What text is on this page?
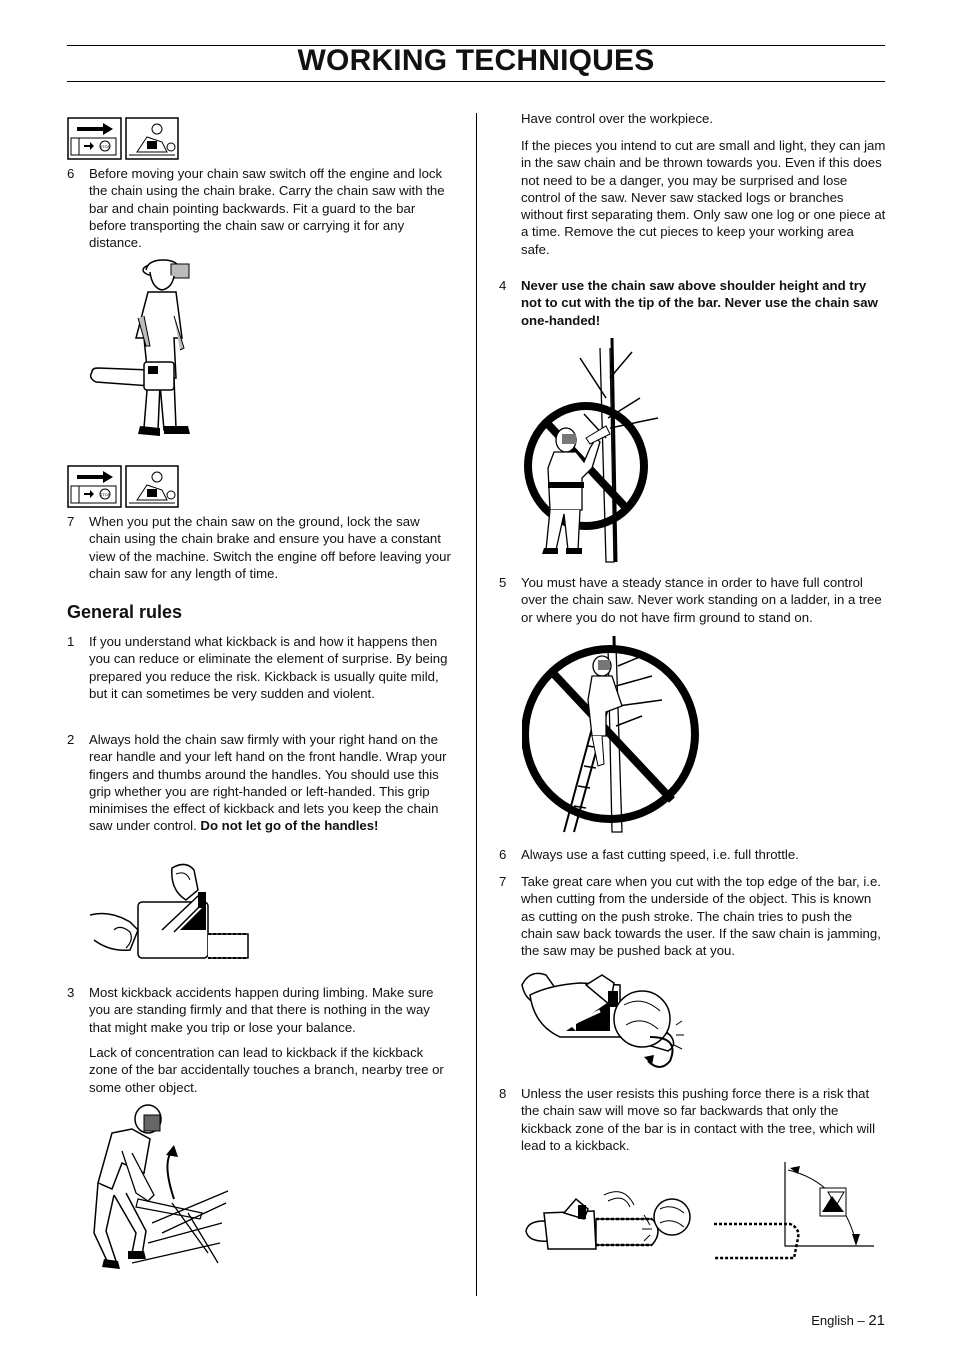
WORKING TECHNIQUES
STOP
6 Before moving your chain saw switch off the engine and lock the chain using the chain brake. Carry the chain saw with the bar and chain pointing backwards. Fit a guard to the bar before transporting the chain saw or carrying it for any distance.
STOP
7 When you put the chain saw on the ground, lock the saw chain using the chain brake and ensure you have a constant view of the machine. Switch the engine off before leaving your chain saw for any length of time.
General rules
1 If you understand what kickback is and how it happens then you can reduce or eliminate the element of surprise. By being prepared you reduce the risk. Kickback is usually quite mild, but it can sometimes be very sudden and violent.
2 Always hold the chain saw firmly with your right hand on the rear handle and your left hand on the front handle. Wrap your fingers and thumbs around the handles. You should use this grip whether you are right-handed or left-handed. This grip minimises the effect of kickback and lets you keep the chain saw under control. Do not let go of the handles!
3 Most kickback accidents happen during limbing. Make sure you are standing firmly and that there is nothing in the way that might make you trip or lose your balance.
Lack of concentration can lead to kickback if the kickback zone of the bar accidentally touches a branch, nearby tree or some other object.
Have control over the workpiece.
If the pieces you intend to cut are small and light, they can jam in the saw chain and be thrown towards you. Even if this does not need to be a danger, you may be surprised and lose control of the saw. Never saw stacked logs or branches without first separating them. Only saw one log or one piece at a time. Remove the cut pieces to keep your working area safe.
4 Never use the chain saw above shoulder height and try not to cut with the tip of the bar. Never use the chain saw one-handed!
5 You must have a steady stance in order to have full control over the chain saw. Never work standing on a ladder, in a tree or where you do not have firm ground to stand on.
6 Always use a fast cutting speed, i.e. full throttle.
7 Take great care when you cut with the top edge of the bar, i.e. when cutting from the underside of the object. This is known as cutting on the push stroke. The chain tries to push the chain saw back towards the user. If the saw chain is jamming, the saw may be pushed back at you.
8 Unless the user resists this pushing force there is a risk that the chain saw will move so far backwards that only the kickback zone of the bar is in contact with the tree, which will lead to a kickback.
English – 21
